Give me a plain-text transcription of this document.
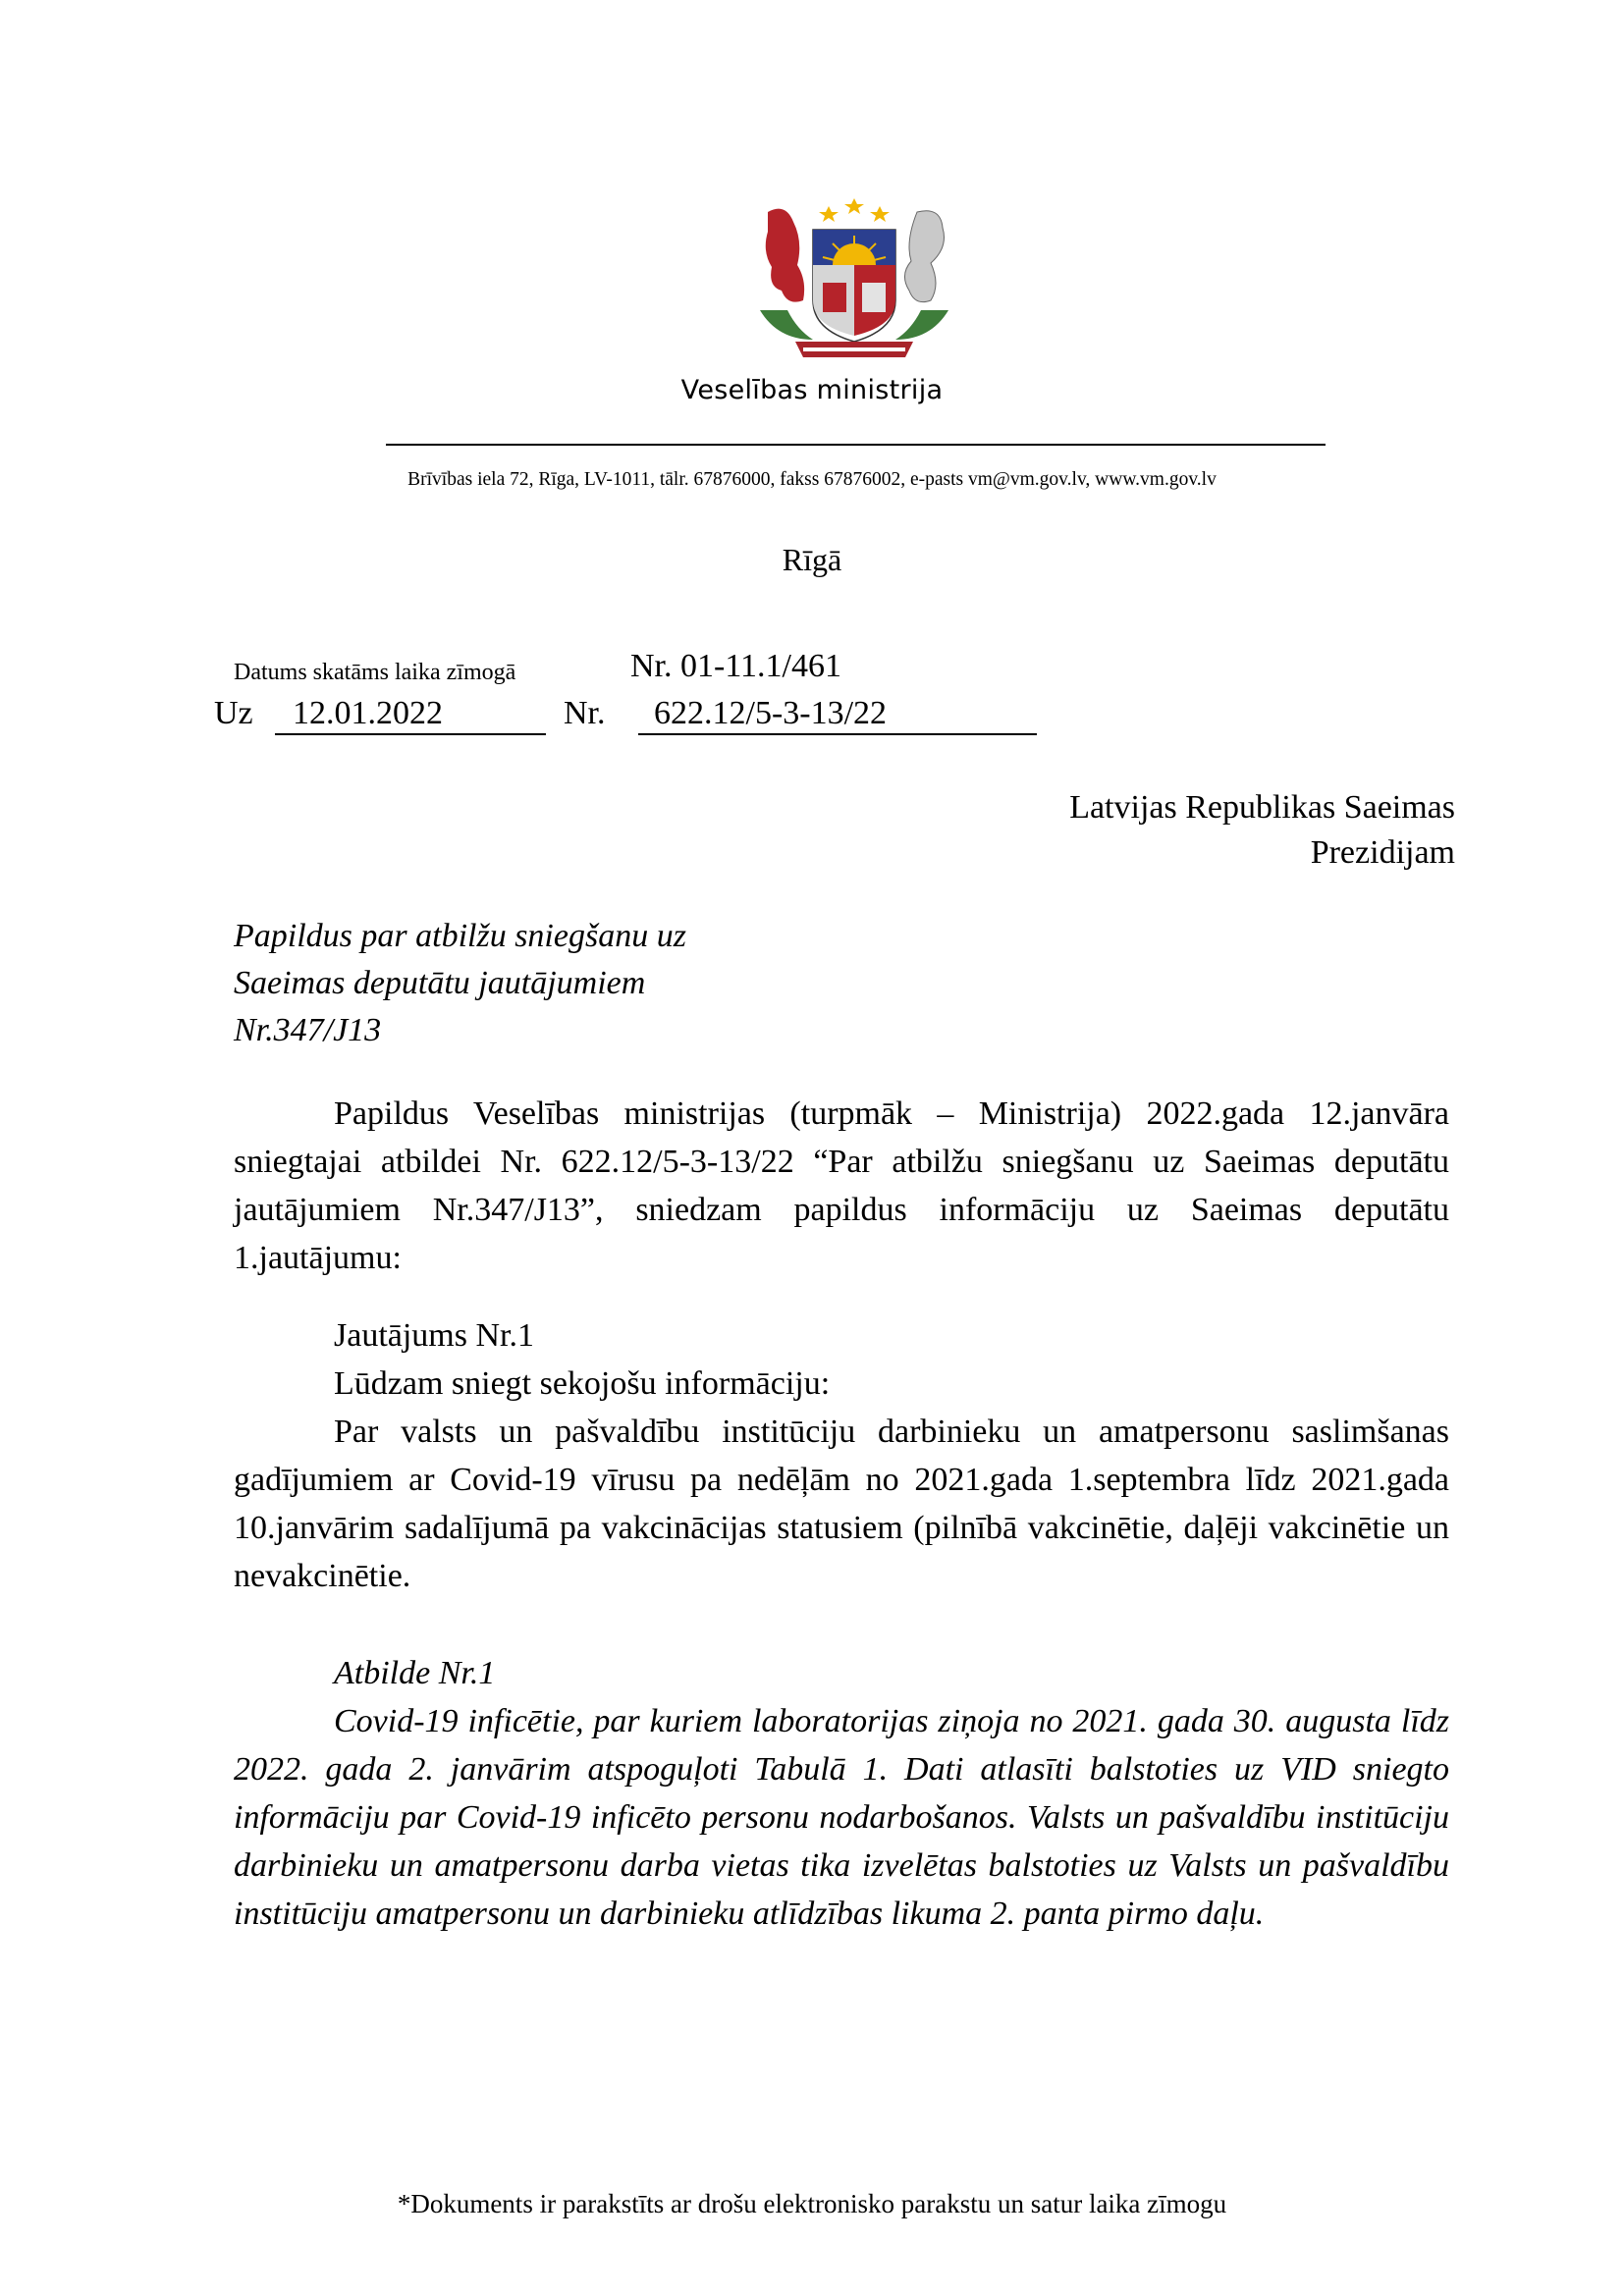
Veselības ministrija
Brīvības iela 72, Rīga, LV-1011, tālr. 67876000, fakss 67876002, e-pasts vm@vm.gov.lv, www.vm.gov.lv
Rīgā
Datums skatāms laika zīmogā	Nr. 01-11.1/461
Uz	12.01.2022	Nr.	622.12/5-3-13/22
Latvijas Republikas Saeimas
Prezidijam
Papildus par atbilžu sniegšanu uz
Saeimas deputātu jautājumiem
Nr.347/J13
Papildus Veselības ministrijas (turpmāk – Ministrija) 2022.gada 12.janvāra sniegtajai atbildei Nr. 622.12/5-3-13/22 “Par atbilžu sniegšanu uz Saeimas deputātu jautājumiem Nr.347/J13”, sniedzam papildus informāciju uz Saeimas deputātu 1.jautājumu:
Jautājums Nr.1
Lūdzam sniegt sekojošu informāciju:
Par valsts un pašvaldību institūciju darbinieku un amatpersonu saslimšanas gadījumiem ar Covid-19 vīrusu pa nedēļām no 2021.gada 1.septembra līdz 2021.gada 10.janvārim sadalījumā pa vakcinācijas statusiem (pilnībā vakcinētie, daļēji vakcinētie un nevakcinētie.
Atbilde Nr.1
Covid-19 inficētie, par kuriem laboratorijas ziņoja no 2021. gada 30. augusta līdz 2022. gada 2. janvārim atspoguļoti Tabulā 1. Dati atlasīti balstoties uz VID sniegto informāciju par Covid-19 inficēto personu nodarbošanos. Valsts un pašvaldību institūciju darbinieku un amatpersonu darba vietas tika izvelētas balstoties uz Valsts un pašvaldību institūciju amatpersonu un darbinieku atlīdzības likuma 2. panta pirmo daļu.
*Dokuments ir parakstīts ar drošu elektronisko parakstu un satur laika zīmogu
